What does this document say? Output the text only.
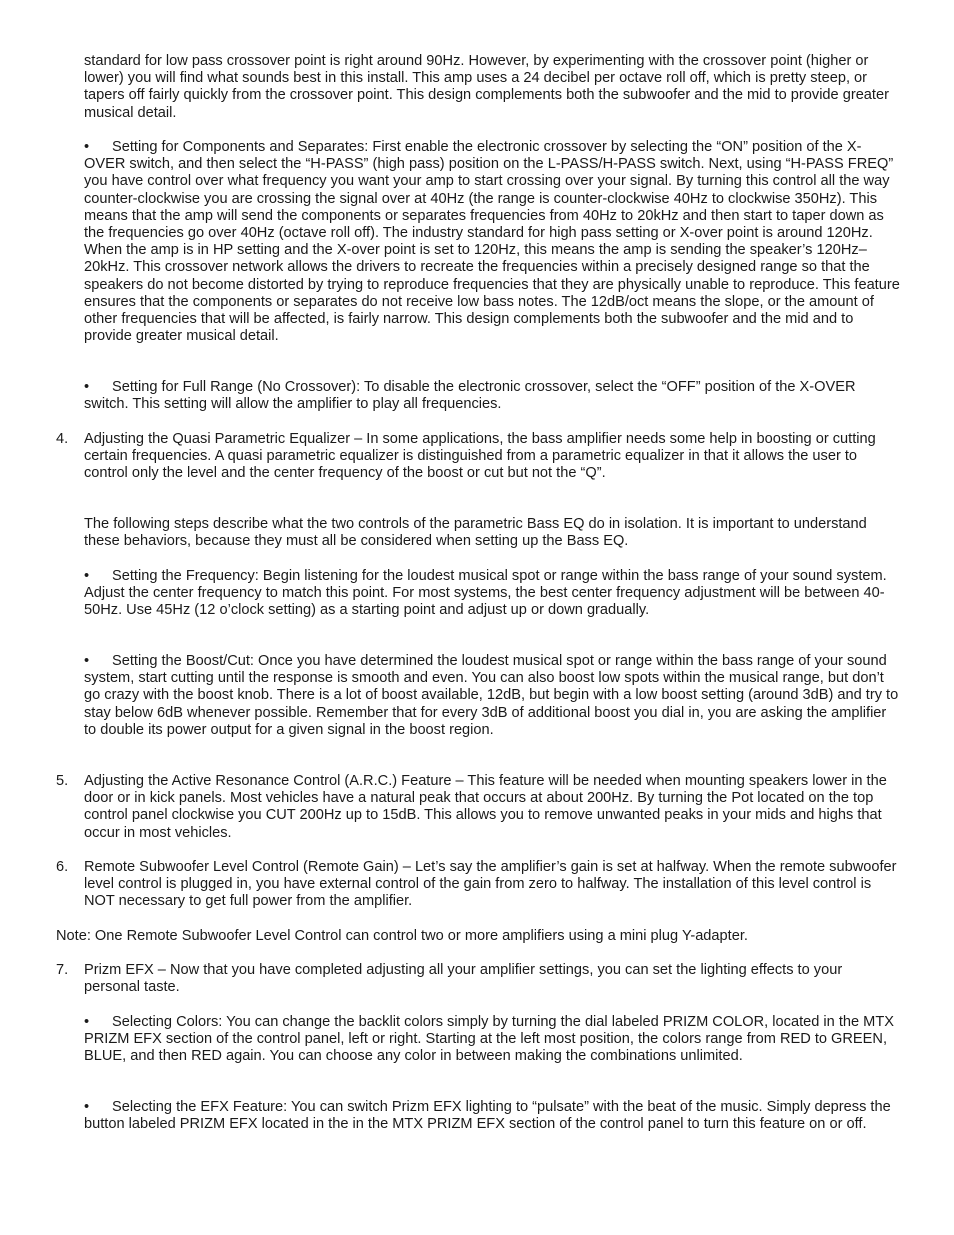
standard for low pass crossover point is right around 90Hz. However, by experimenting with the crossover point (higher or lower) you will find what sounds best in this install. This amp uses a 24 decibel per octave roll off, which is pretty steep, or tapers off fairly quickly from the crossover point. This design complements both the subwoofer and the mid to provide greater musical detail.

• Setting for Components and Separates: First enable the electronic crossover by selecting the “ON” position of the X-OVER switch, and then select the “H-PASS” (high pass) position on the L-PASS/H-PASS switch. Next, using “H-PASS FREQ” you have control over what frequency you want your amp to start crossing over your signal. By turning this control all the way counter-clockwise you are crossing the signal over at 40Hz (the range is counter-clockwise 40Hz to clockwise 350Hz). This means that the amp will send the components or separates frequencies from 40Hz to 20kHz and then start to taper down as the frequencies go over 40Hz (octave roll off). The industry standard for high pass setting or X-over point is around 120Hz. When the amp is in HP setting and the X-over point is set to 120Hz, this means the amp is sending the speaker’s 120Hz–20kHz. This crossover network allows the drivers to recreate the frequencies within a precisely designed range so that the speakers do not become distorted by trying to reproduce frequencies that they are physically unable to reproduce. This feature ensures that the components or separates do not receive low bass notes. The 12dB/oct means the slope, or the amount of other frequencies that will be affected, is fairly narrow. This design complements both the subwoofer and the mid and to provide greater musical detail.

• Setting for Full Range (No Crossover): To disable the electronic crossover, select the “OFF” position of the X-OVER switch. This setting will allow the amplifier to play all frequencies.

4.	Adjusting the Quasi Parametric Equalizer – In some applications, the bass amplifier needs some help in boosting or cutting certain frequencies. A quasi parametric equalizer is distinguished from a parametric equalizer in that it allows the user to control only the level and the center frequency of the boost or cut but not the “Q”.

The following steps describe what the two controls of the parametric Bass EQ do in isolation. It is important to understand these behaviors, because they must all be considered when setting up the Bass EQ.

• Setting the Frequency: Begin listening for the loudest musical spot or range within the bass range of your sound system. Adjust the center frequency to match this point. For most systems, the best center frequency adjustment will be between 40-50Hz. Use 45Hz (12 o’clock setting) as a starting point and adjust up or down gradually.

• Setting the Boost/Cut: Once you have determined the loudest musical spot or range within the bass range of your sound system, start cutting until the response is smooth and even. You can also boost low spots within the musical range, but don’t go crazy with the boost knob. There is a lot of boost available, 12dB, but begin with a low boost setting (around 3dB) and try to stay below 6dB whenever possible. Remember that for every 3dB of additional boost you dial in, you are asking the amplifier to double its power output for a given signal in the boost region.

5.	Adjusting the Active Resonance Control (A.R.C.) Feature – This feature will be needed when mounting speakers lower in the door or in kick panels. Most vehicles have a natural peak that occurs at about 200Hz. By turning the Pot located on the top control panel clockwise you CUT 200Hz up to 15dB. This allows you to remove unwanted peaks in your mids and highs that occur in most vehicles.
6.	Remote Subwoofer Level Control (Remote Gain) – Let’s say the amplifier’s gain is set at halfway. When the remote subwoofer level control is plugged in, you have external control of the gain from zero to halfway. The installation of this level control is NOT necessary to get full power from the amplifier.

Note: One Remote Subwoofer Level Control can control two or more amplifiers using a mini plug Y-adapter.

7.	Prizm EFX – Now that you have completed adjusting all your amplifier settings, you can set the lighting effects to your personal taste.

• Selecting Colors: You can change the backlit colors simply by turning the dial labeled PRIZM COLOR, located in the MTX PRIZM EFX section of the control panel, left or right. Starting at the left most position, the colors range from RED to GREEN, BLUE, and then RED again. You can choose any color in between making the combinations unlimited.

• Selecting the EFX Feature: You can switch Prizm EFX lighting to “pulsate” with the beat of the music. Simply depress the button labeled PRIZM EFX located in the in the MTX PRIZM EFX section of the control panel to turn this feature on or off.
